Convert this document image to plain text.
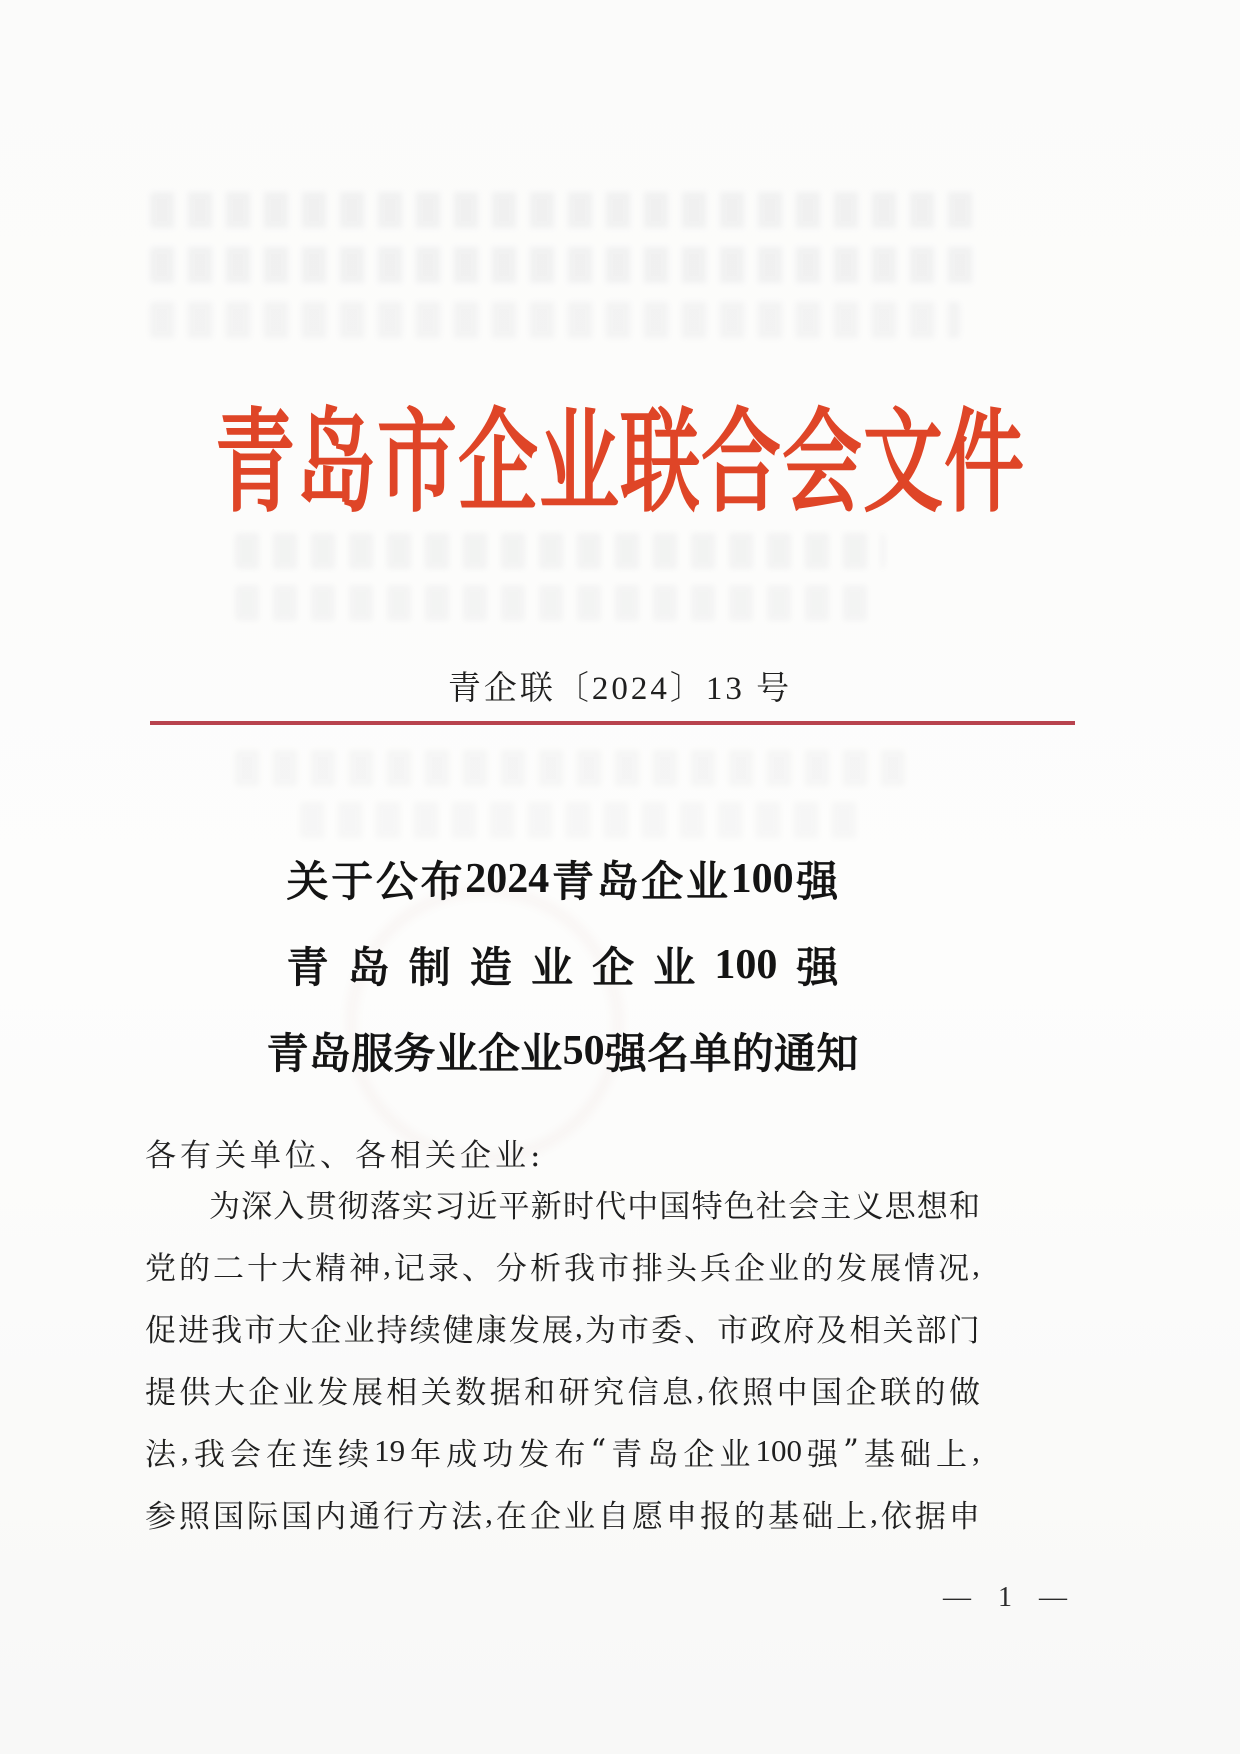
青岛市企业联合会文件
青企联〔2024〕13 号
关 于 公 布 2024 青 岛 企 业 100 强
青 岛 制 造 业 企 业 100 强
青 岛 服 务 业 企 业 50 强 名 单 的 通 知
各有关单位、各相关企业:
为 深 入 贯 彻 落 实 习 近 平 新 时 代 中 国 特 色 社 会 主 义 思 想 和
党 的 二 十 大 精 神 , 记 录 、 分 析 我 市 排 头 兵 企 业 的 发 展 情 况 ,
促 进 我 市 大 企 业 持 续 健 康 发 展 , 为 市 委 、 市 政 府 及 相 关 部 门
提 供 大 企 业 发 展 相 关 数 据 和 研 究 信 息 , 依 照 中 国 企 联 的 做
法 , 我 会 在 连 续 19 年 成 功 发 布 “ 青 岛 企 业 100 强 ” 基 础 上 ,
参 照 国 际 国 内 通 行 方 法 , 在 企 业 自 愿 申 报 的 基 础 上 , 依 据 申
— 1 —
